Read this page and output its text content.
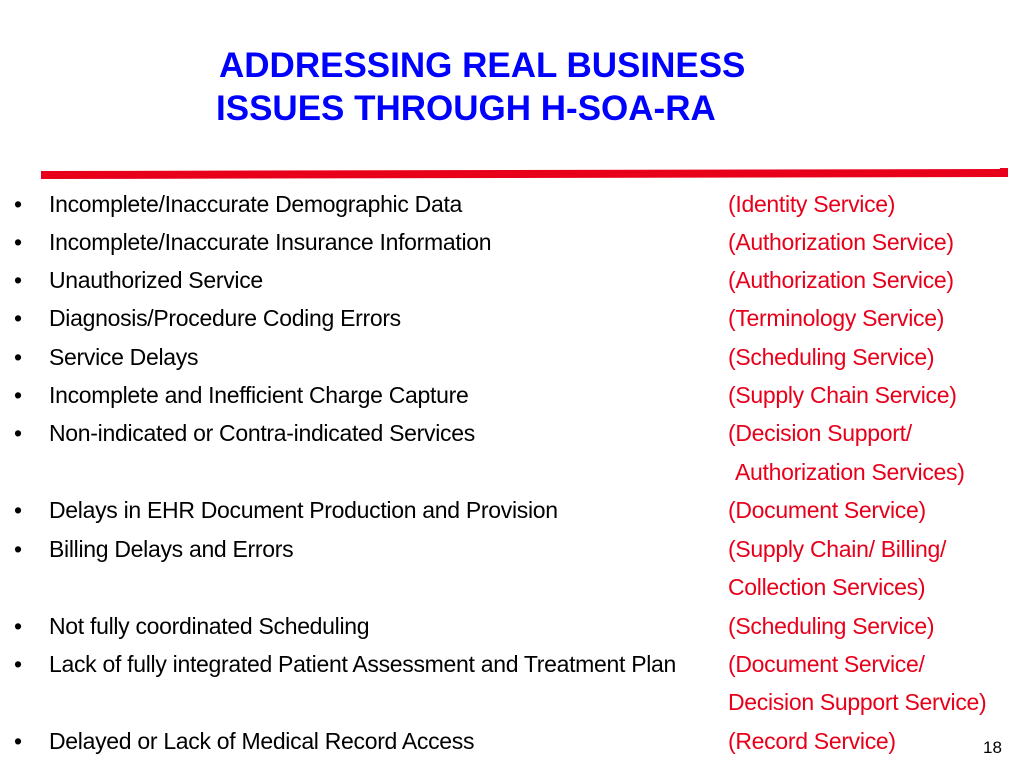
ADDRESSING REAL BUSINESS
ISSUES THROUGH H-SOA-RA
• Incomplete/Inaccurate Demographic Data	(Identity Service)
• Incomplete/Inaccurate Insurance Information	(Authorization Service)
• Unauthorized Service	(Authorization Service)
• Diagnosis/Procedure Coding Errors	(Terminology Service)
• Service Delays	(Scheduling Service)
• Incomplete and Inefficient Charge Capture	(Supply Chain Service)
• Non-indicated or Contra-indicated Services	(Decision Support/
Authorization Services)
• Delays in EHR Document Production and Provision	(Document Service)
• Billing Delays and Errors	(Supply Chain/ Billing/
Collection Services)
• Not fully coordinated Scheduling	(Scheduling Service)
• Lack of fully integrated Patient Assessment and Treatment Plan (Document Service/
Decision Support Service)
• Delayed or Lack of Medical Record Access	(Record Service)	18
